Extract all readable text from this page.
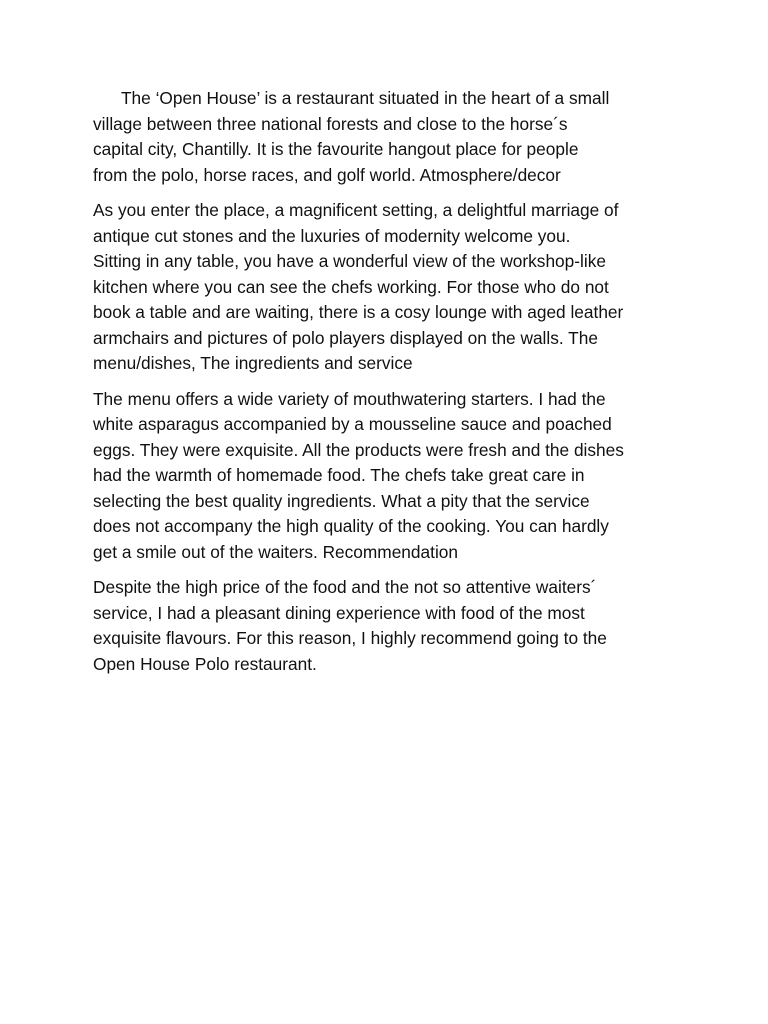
The ‘Open House’ is a restaurant situated in the heart of a small
village between three national forests and close to the horse´s
capital city, Chantilly. It is the favourite hangout place for people
from the polo, horse races, and golf world. Atmosphere/decor

As you enter the place, a magnificent setting, a delightful marriage of
antique cut stones and the luxuries of modernity welcome you.
Sitting in any table, you have a wonderful view of the workshop-like
kitchen where you can see the chefs working. For those who do not
book a table and are waiting, there is a cosy lounge with aged leather
armchairs and pictures of polo players displayed on the walls. The
menu/dishes, The ingredients and service

The menu offers a wide variety of mouthwatering starters. I had the
white asparagus accompanied by a mousseline sauce and poached
eggs. They were exquisite. All the products were fresh and the dishes
had the warmth of homemade food. The chefs take great care in
selecting the best quality ingredients. What a pity that the service
does not accompany the high quality of the cooking. You can hardly
get a smile out of the waiters. Recommendation

Despite the high price of the food and the not so attentive waiters´
service, I had a pleasant dining experience with food of the most
exquisite flavours. For this reason, I highly recommend going to the
Open House Polo restaurant.
